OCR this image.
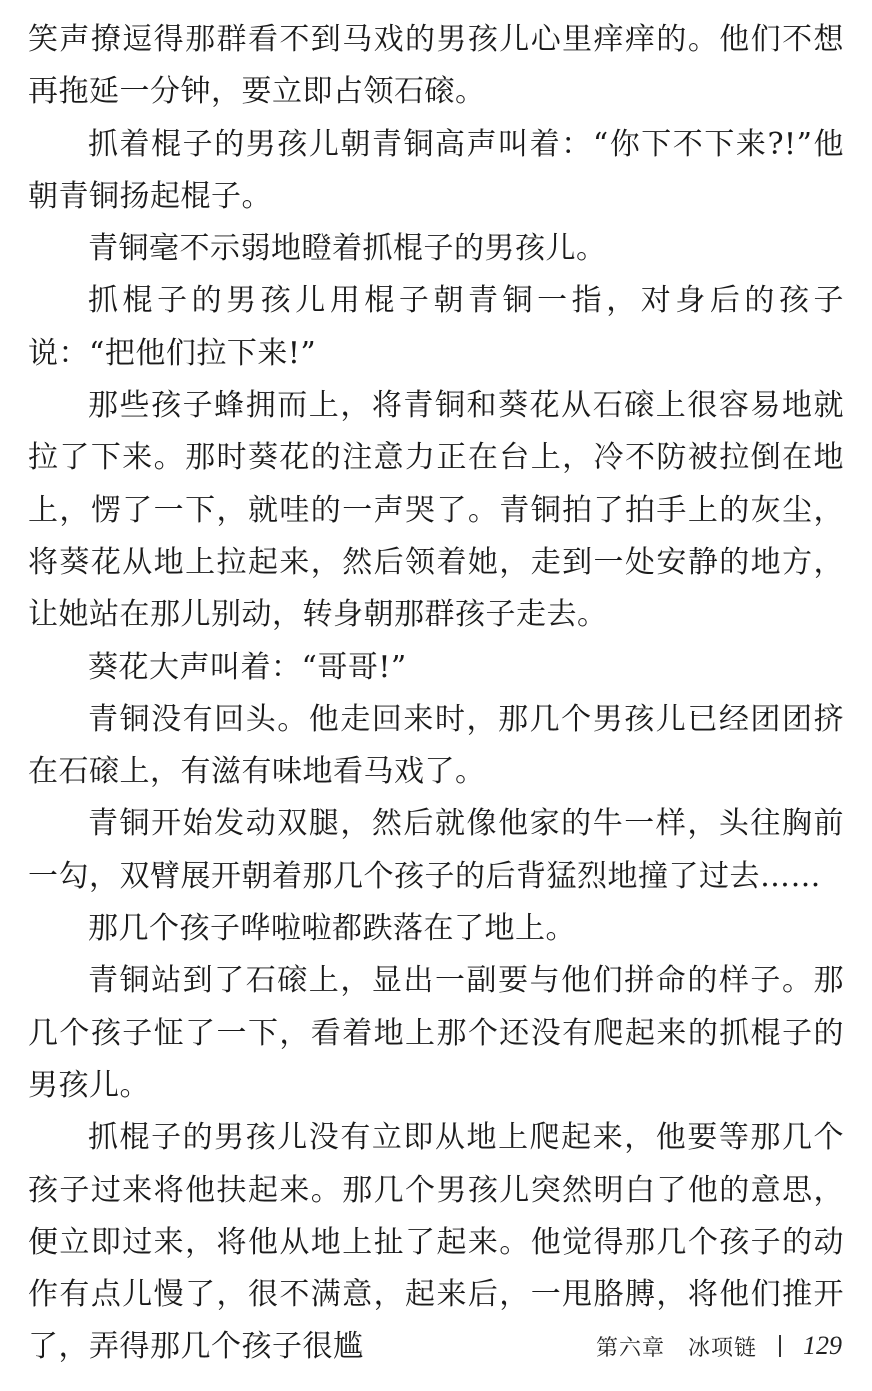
笑声撩逗得那群看不到马戏的男孩儿心里痒痒的。他们不想再拖延一分钟，要立即占领石磙。

抓着棍子的男孩儿朝青铜高声叫着：“你下不下来?!”他朝青铜扬起棍子。

青铜毫不示弱地瞪着抓棍子的男孩儿。

抓棍子的男孩儿用棍子朝青铜一指，对身后的孩子说：“把他们拉下来!”

那些孩子蜂拥而上，将青铜和葵花从石磙上很容易地就拉了下来。那时葵花的注意力正在台上，冷不防被拉倒在地上，愣了一下，就哇的一声哭了。青铜拍了拍手上的灰尘，将葵花从地上拉起来，然后领着她，走到一处安静的地方，让她站在那儿别动，转身朝那群孩子走去。

葵花大声叫着：“哥哥!”

青铜没有回头。他走回来时，那几个男孩儿已经团团挤在石磙上，有滋有味地看马戏了。

青铜开始发动双腿，然后就像他家的牛一样，头往胸前一勾，双臂展开朝着那几个孩子的后背猛烈地撞了过去……

那几个孩子哗啦啦都跌落在了地上。

青铜站到了石磙上，显出一副要与他们拼命的样子。那几个孩子怔了一下，看着地上那个还没有爬起来的抓棍子的男孩儿。

抓棍子的男孩儿没有立即从地上爬起来，他要等那几个孩子过来将他扶起来。那几个男孩儿突然明白了他的意思，便立即过来，将他从地上扯了起来。他觉得那几个孩子的动作有点儿慢了，很不满意，起来后，一甩胳膊，将他们推开了，弄得那几个孩子很尴	第六章　冰项链 129
